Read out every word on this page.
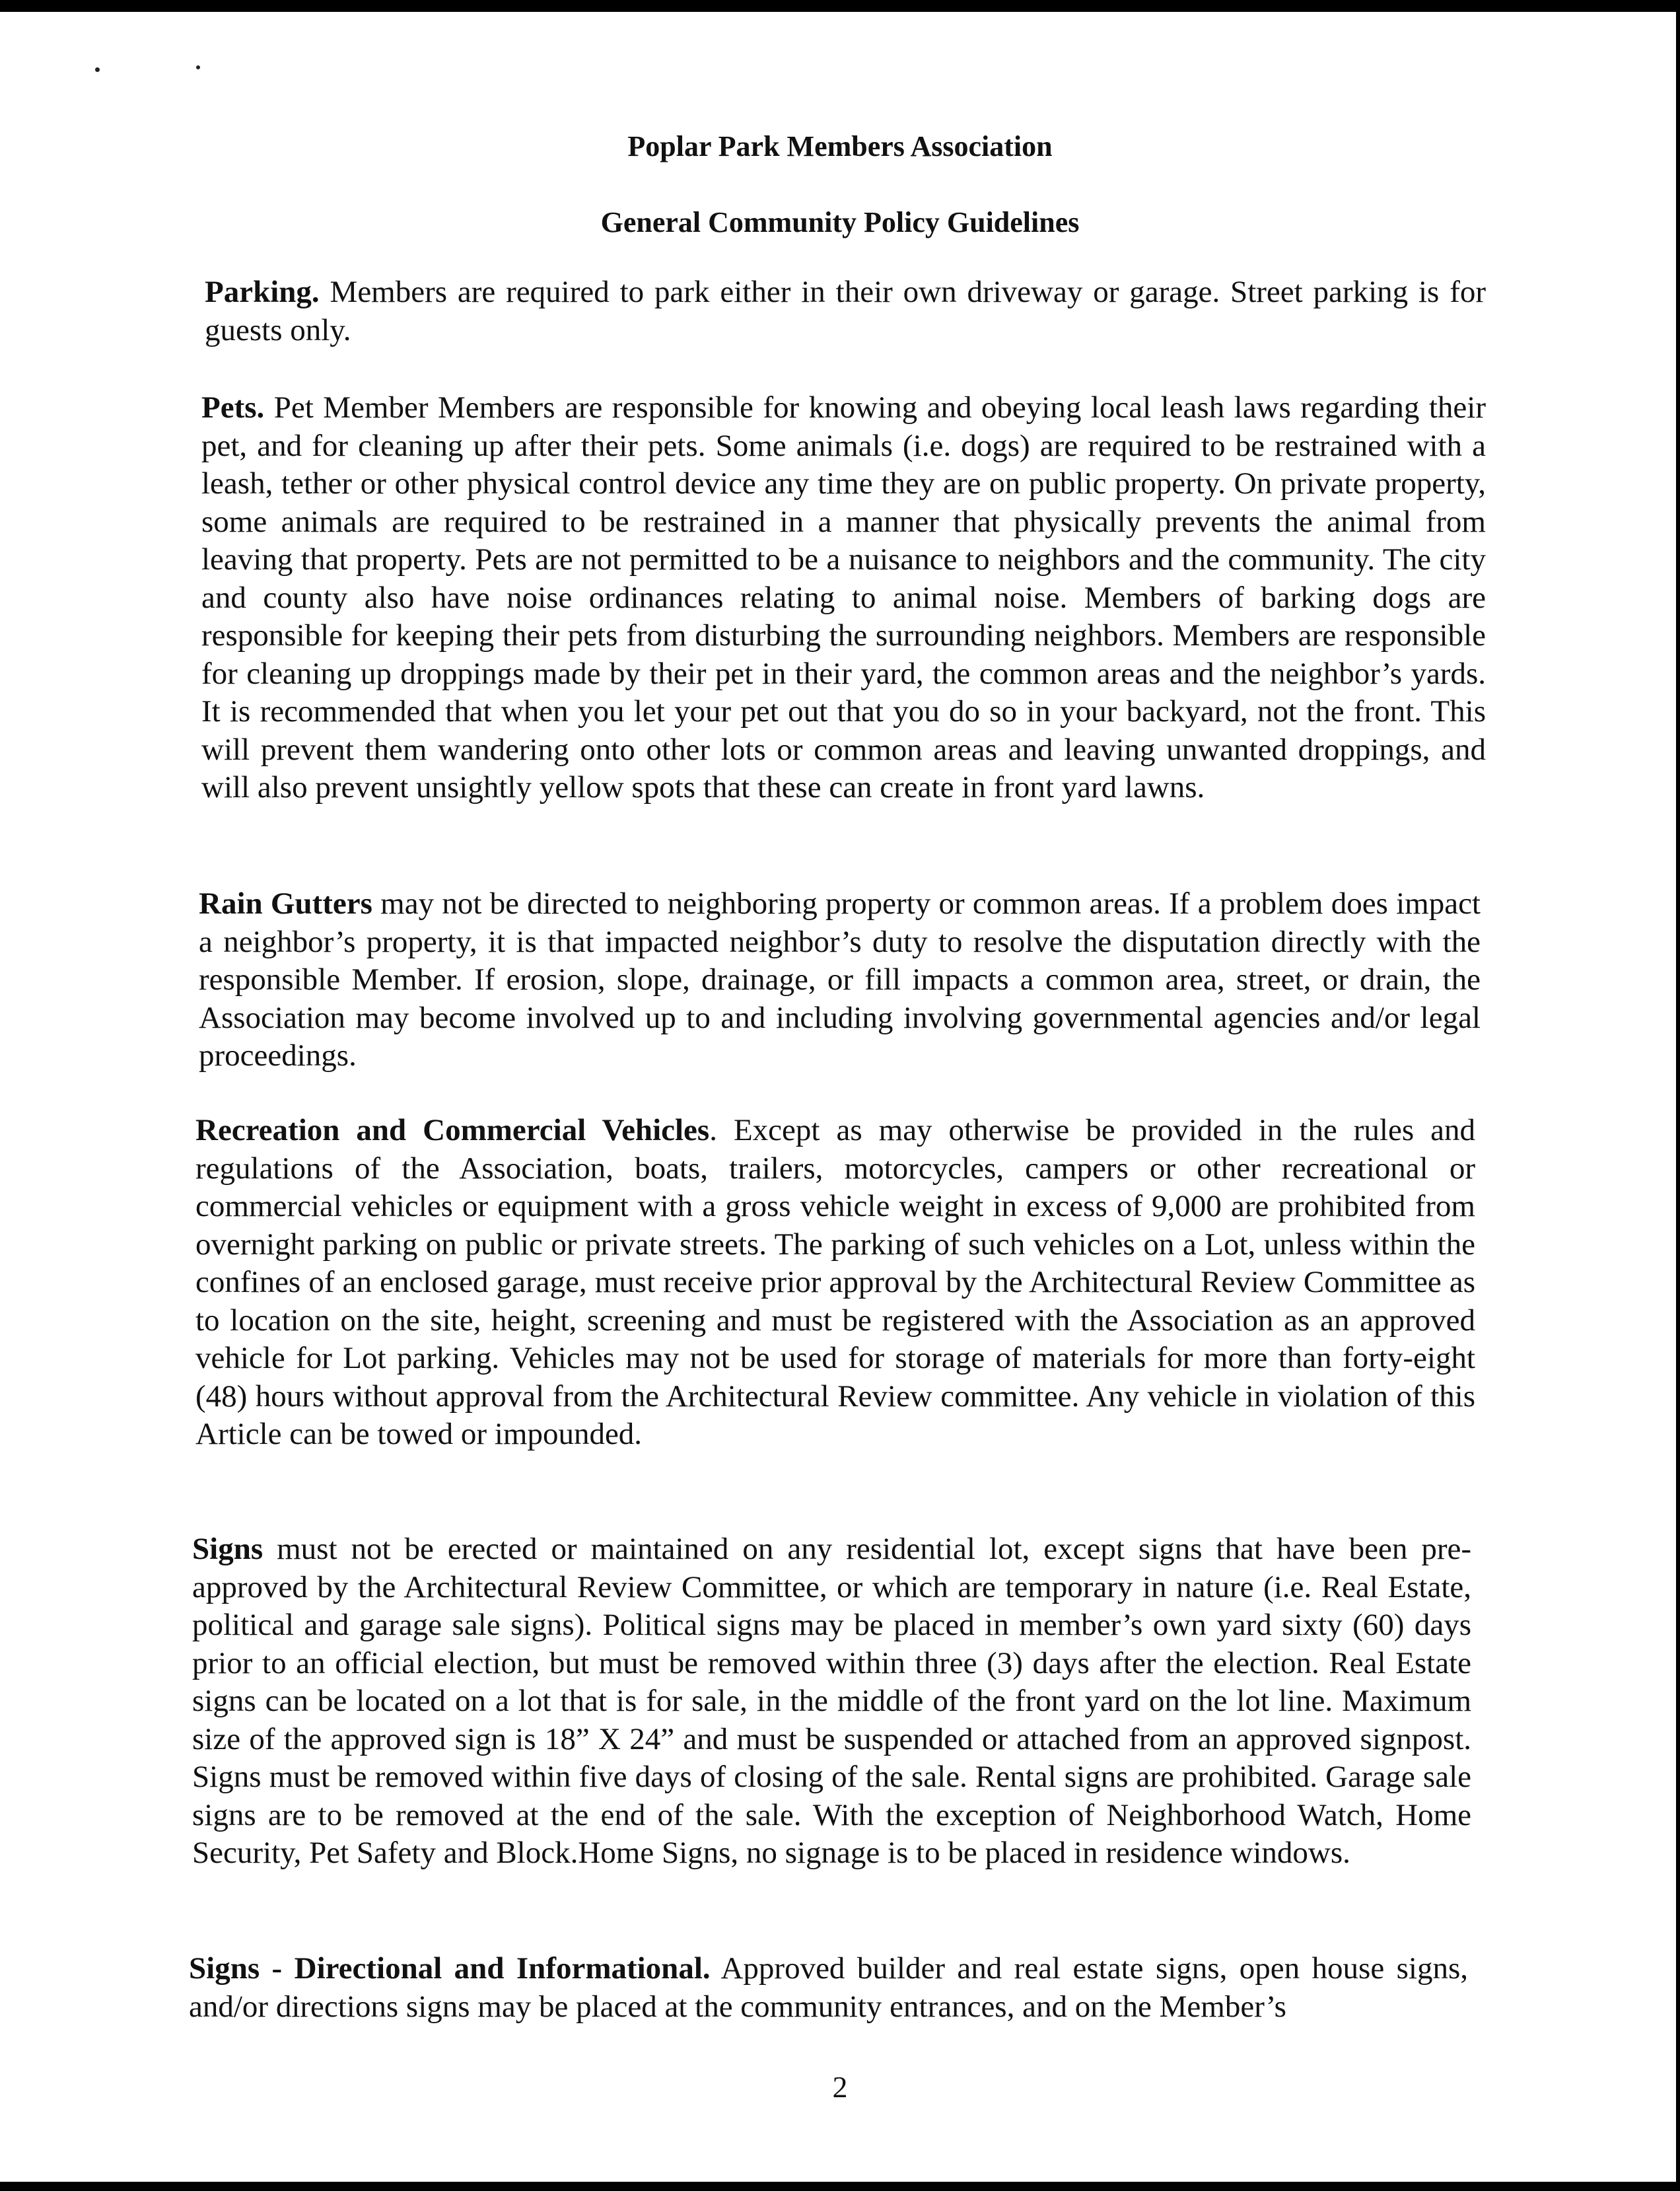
Poplar Park Members Association
General Community Policy Guidelines

Parking. Members are required to park either in their own driveway or garage. Street parking is for guests only.

Pets. Pet Member Members are responsible for knowing and obeying local leash laws regarding their pet, and for cleaning up after their pets. Some animals (i.e. dogs) are required to be restrained with a leash, tether or other physical control device any time they are on public property. On private property, some animals are required to be restrained in a manner that physically prevents the animal from leaving that property. Pets are not permitted to be a nuisance to neighbors and the community. The city and county also have noise ordinances relating to animal noise. Members of barking dogs are responsible for keeping their pets from disturbing the surrounding neighbors. Members are responsible for cleaning up droppings made by their pet in their yard, the common areas and the neighbor’s yards. It is recommended that when you let your pet out that you do so in your backyard, not the front. This will prevent them wandering onto other lots or common areas and leaving unwanted droppings, and will also prevent unsightly yellow spots that these can create in front yard lawns.

Rain Gutters may not be directed to neighboring property or common areas. If a problem does impact a neighbor’s property, it is that impacted neighbor’s duty to resolve the disputation directly with the responsible Member. If erosion, slope, drainage, or fill impacts a common area, street, or drain, the Association may become involved up to and including involving governmental agencies and/or legal proceedings.

Recreation and Commercial Vehicles. Except as may otherwise be provided in the rules and regulations of the Association, boats, trailers, motorcycles, campers or other recreational or commercial vehicles or equipment with a gross vehicle weight in excess of 9,000 are prohibited from overnight parking on public or private streets. The parking of such vehicles on a Lot, unless within the confines of an enclosed garage, must receive prior approval by the Architectural Review Committee as to location on the site, height, screening and must be registered with the Association as an approved vehicle for Lot parking. Vehicles may not be used for storage of materials for more than forty-eight (48) hours without approval from the Architectural Review committee. Any vehicle in violation of this Article can be towed or impounded.

Signs must not be erected or maintained on any residential lot, except signs that have been pre-approved by the Architectural Review Committee, or which are temporary in nature (i.e. Real Estate, political and garage sale signs). Political signs may be placed in member’s own yard sixty (60) days prior to an official election, but must be removed within three (3) days after the election. Real Estate signs can be located on a lot that is for sale, in the middle of the front yard on the lot line. Maximum size of the approved sign is 18” X 24” and must be suspended or attached from an approved signpost. Signs must be removed within five days of closing of the sale. Rental signs are prohibited. Garage sale signs are to be removed at the end of the sale. With the exception of Neighborhood Watch, Home Security, Pet Safety and Block.Home Signs, no signage is to be placed in residence windows.

Signs - Directional and Informational. Approved builder and real estate signs, open house signs, and/or directions signs may be placed at the community entrances, and on the Member’s

2
